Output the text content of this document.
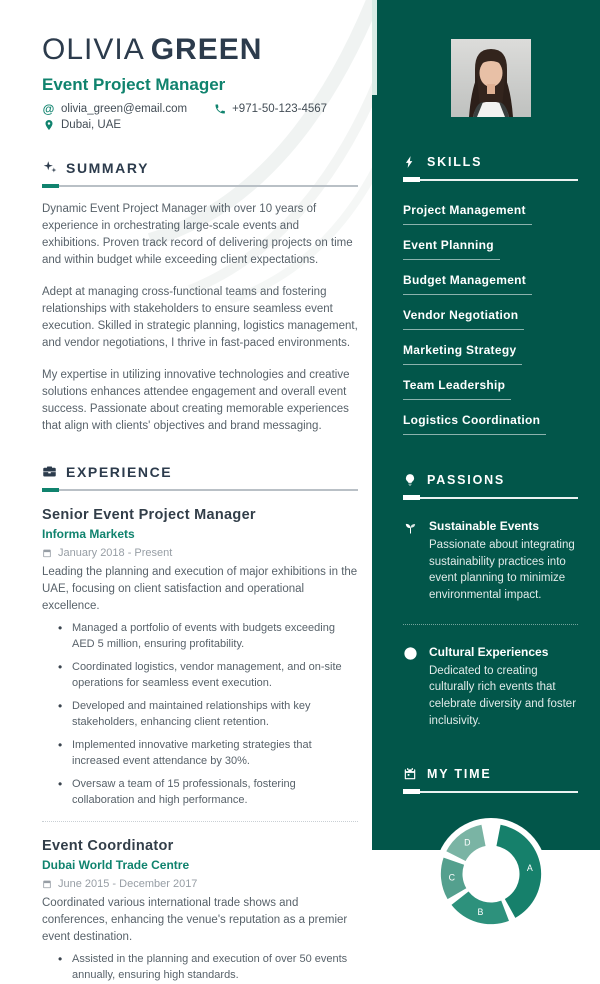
OLIVIA GREEN
Event Project Manager
@ olivia_green@email.com	+971-50-123-4567
Dubai, UAE
SUMMARY

Dynamic Event Project Manager with over 10 years of experience in orchestrating large-scale events and exhibitions. Proven track record of delivering projects on time and within budget while exceeding client expectations.

Adept at managing cross-functional teams and fostering relationships with stakeholders to ensure seamless event execution. Skilled in strategic planning, logistics management, and vendor negotiations, I thrive in fast-paced environments.

My expertise in utilizing innovative technologies and creative solutions enhances attendee engagement and overall event success. Passionate about creating memorable experiences that align with clients' objectives and brand messaging.

EXPERIENCE
Senior Event Project Manager
Informa Markets
January 2018 - Present
Leading the planning and execution of major exhibitions in the UAE, focusing on client satisfaction and operational excellence.
• Managed a portfolio of events with budgets exceeding AED 5 million, ensuring profitability.
• Coordinated logistics, vendor management, and on-site operations for seamless event execution.
• Developed and maintained relationships with key stakeholders, enhancing client retention.
• Implemented innovative marketing strategies that increased event attendance by 30%.
• Oversaw a team of 15 professionals, fostering collaboration and high performance.
Event Coordinator
Dubai World Trade Centre
June 2015 - December 2017
Coordinated various international trade shows and conferences, enhancing the venue's reputation as a premier event destination.
• Assisted in the planning and execution of over 50 events annually, ensuring high standards.
SKILLS
Project Management
Event Planning
Budget Management
Vendor Negotiation
Marketing Strategy
Team Leadership
Logistics Coordination
PASSIONS
Sustainable Events
Passionate about integrating sustainability practices into event planning to minimize environmental impact.
Cultural Experiences
Dedicated to creating culturally rich events that celebrate diversity and foster inclusivity.
MY TIME
A
B
C
D
